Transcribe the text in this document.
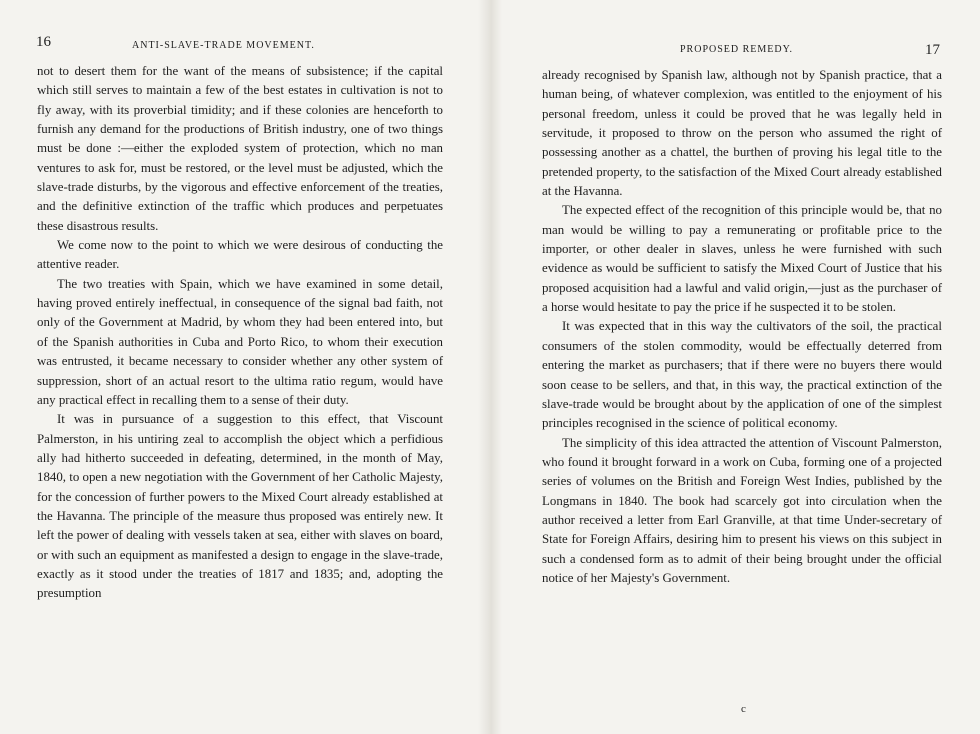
16	ANTI-SLAVE-TRADE MOVEMENT.

not to desert them for the want of the means of subsistence; if the capital which still serves to maintain a few of the best estates in cultivation is not to fly away, with its proverbial timidity; and if these colonies are henceforth to furnish any demand for the productions of British industry, one of two things must be done :—either the exploded system of protection, which no man ventures to ask for, must be restored, or the level must be adjusted, which the slave-trade disturbs, by the vigorous and effective enforcement of the treaties, and the definitive extinction of the traffic which produces and perpetuates these disastrous results.

We come now to the point to which we were desirous of conducting the attentive reader.

The two treaties with Spain, which we have examined in some detail, having proved entirely ineffectual, in consequence of the signal bad faith, not only of the Government at Madrid, by whom they had been entered into, but of the Spanish authorities in Cuba and Porto Rico, to whom their execution was entrusted, it became necessary to consider whether any other system of suppression, short of an actual resort to the ultima ratio regum, would have any practical effect in recalling them to a sense of their duty.

It was in pursuance of a suggestion to this effect, that Viscount Palmerston, in his untiring zeal to accomplish the object which a perfidious ally had hitherto succeeded in defeating, determined, in the month of May, 1840, to open a new negotiation with the Government of her Catholic Majesty, for the concession of further powers to the Mixed Court already established at the Havanna. The principle of the measure thus proposed was entirely new. It left the power of dealing with vessels taken at sea, either with slaves on board, or with such an equipment as manifested a design to engage in the slave-trade, exactly as it stood under the treaties of 1817 and 1835; and, adopting the presumption

PROPOSED REMEDY.	17

already recognised by Spanish law, although not by Spanish practice, that a human being, of whatever complexion, was entitled to the enjoyment of his personal freedom, unless it could be proved that he was legally held in servitude, it proposed to throw on the person who assumed the right of possessing another as a chattel, the burthen of proving his legal title to the pretended property, to the satisfaction of the Mixed Court already established at the Havanna.

The expected effect of the recognition of this principle would be, that no man would be willing to pay a remunerating or profitable price to the importer, or other dealer in slaves, unless he were furnished with such evidence as would be sufficient to satisfy the Mixed Court of Justice that his proposed acquisition had a lawful and valid origin,—just as the purchaser of a horse would hesitate to pay the price if he suspected it to be stolen.

It was expected that in this way the cultivators of the soil, the practical consumers of the stolen commodity, would be effectually deterred from entering the market as purchasers; that if there were no buyers there would soon cease to be sellers, and that, in this way, the practical extinction of the slave-trade would be brought about by the application of one of the simplest principles recognised in the science of political economy.

The simplicity of this idea attracted the attention of Viscount Palmerston, who found it brought forward in a work on Cuba, forming one of a projected series of volumes on the British and Foreign West Indies, published by the Longmans in 1840. The book had scarcely got into circulation when the author received a letter from Earl Granville, at that time Under-secretary of State for Foreign Affairs, desiring him to present his views on this subject in such a condensed form as to admit of their being brought under the official notice of her Majesty's Government.

c
